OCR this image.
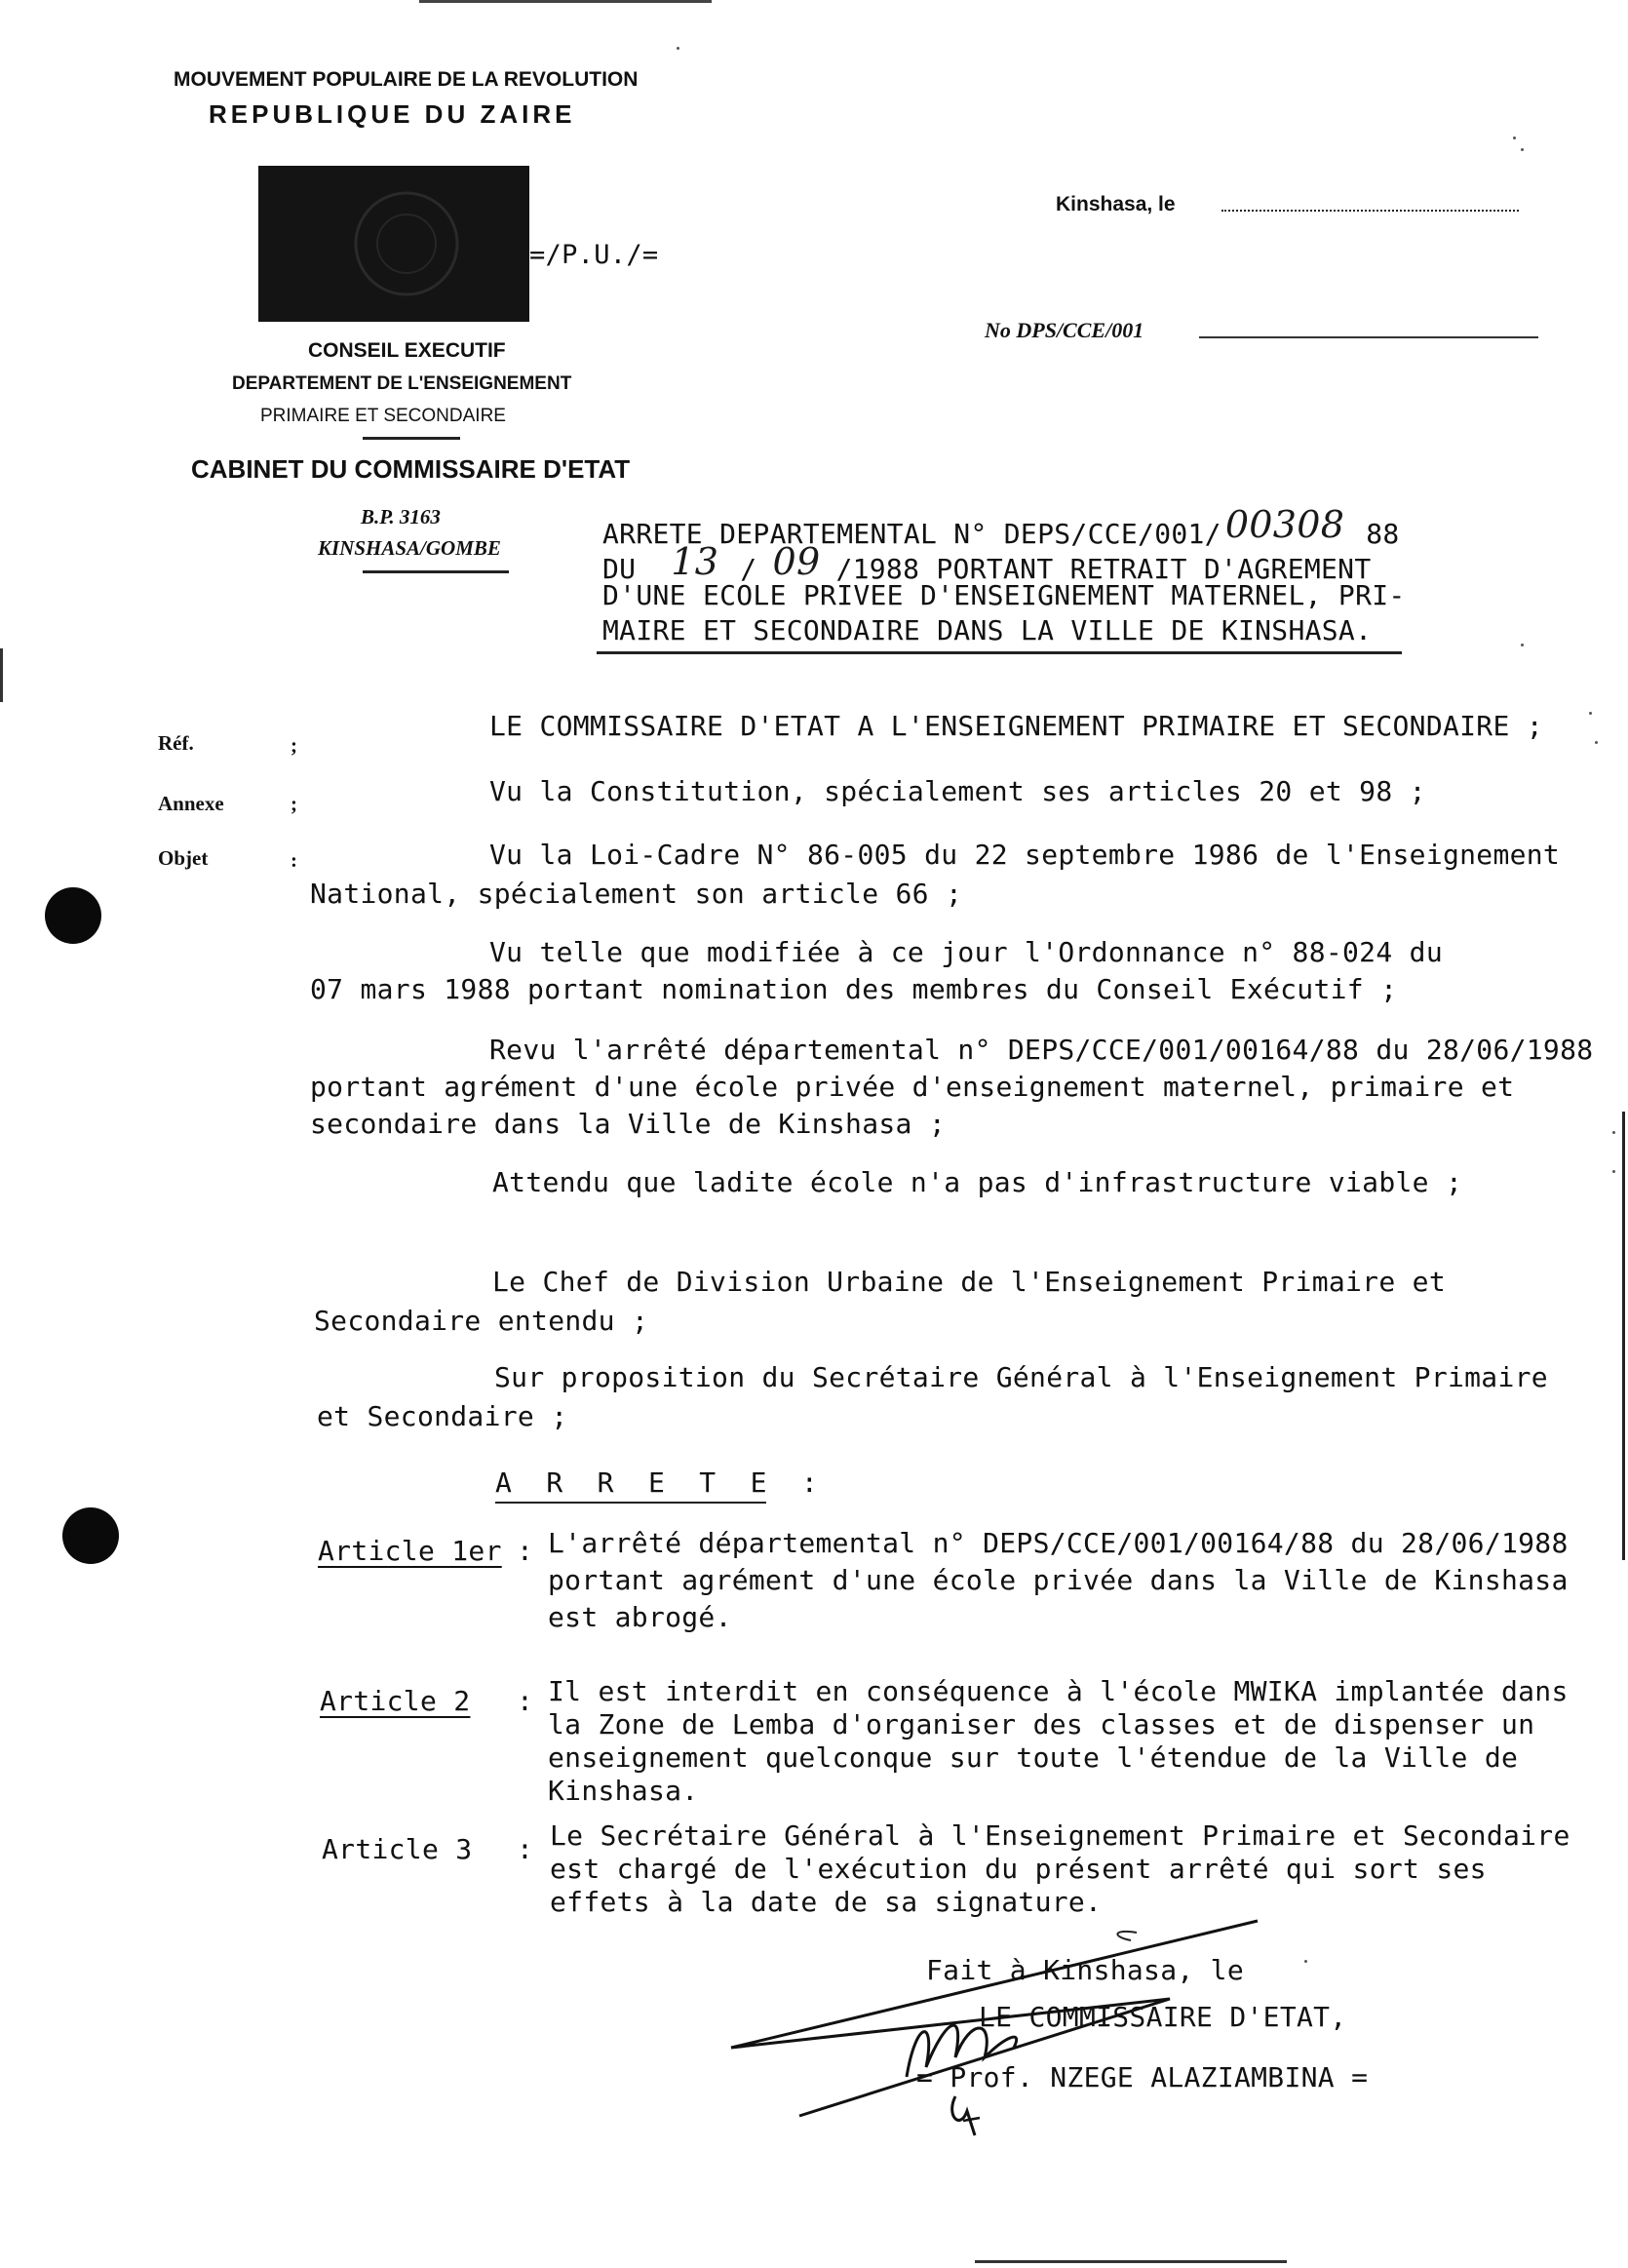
MOUVEMENT POPULAIRE DE LA REVOLUTION
REPUBLIQUE DU ZAIRE
=/P.U./=
CONSEIL EXECUTIF
DEPARTEMENT DE L'ENSEIGNEMENT
PRIMAIRE ET SECONDAIRE
CABINET DU COMMISSAIRE D'ETAT
B.P. 3163
KINSHASA/GOMBE
Kinshasa, le
No DPS/CCE/001
ARRETE DEPARTEMENTAL N° DEPS/CCE/001/ 00308 88
DU 13 / 09 /1988 PORTANT RETRAIT D'AGREMENT
D'UNE ECOLE PRIVEE D'ENSEIGNEMENT MATERNEL, PRI-
MAIRE ET SECONDAIRE DANS LA VILLE DE KINSHASA.
Réf.	;
Annexe	;
Objet	:
LE COMMISSAIRE D'ETAT A L'ENSEIGNEMENT PRIMAIRE ET SECONDAIRE ;
Vu la Constitution, spécialement ses articles 20 et 98 ;
Vu la Loi-Cadre N° 86-005 du 22 septembre 1986 de l'Enseignement
National, spécialement son article 66 ;
Vu telle que modifiée à ce jour l'Ordonnance n° 88-024 du
07 mars 1988 portant nomination des membres du Conseil Exécutif ;
Revu l'arrêté départemental n° DEPS/CCE/001/00164/88 du 28/06/1988
portant agrément d'une école privée d'enseignement maternel, primaire et
secondaire dans la Ville de Kinshasa ;
Attendu que ladite école n'a pas d'infrastructure viable ;
Le Chef de Division Urbaine de l'Enseignement Primaire et
Secondaire entendu ;
Sur proposition du Secrétaire Général à l'Enseignement Primaire
et Secondaire ;
A R R E T E :
Article 1er : L'arrêté départemental n° DEPS/CCE/001/00164/88 du 28/06/1988
portant agrément d'une école privée dans la Ville de Kinshasa
est abrogé.
Article 2 : Il est interdit en conséquence à l'école MWIKA implantée dans
la Zone de Lemba d'organiser des classes et de dispenser un
enseignement quelconque sur toute l'étendue de la Ville de
Kinshasa.
Article 3 : Le Secrétaire Général à l'Enseignement Primaire et Secondaire
est chargé de l'exécution du présent arrêté qui sort ses
effets à la date de sa signature.
Fait à Kinshasa, le
LE COMMISSAIRE D'ETAT,
= Prof. NZEGE ALAZIAMBINA =
